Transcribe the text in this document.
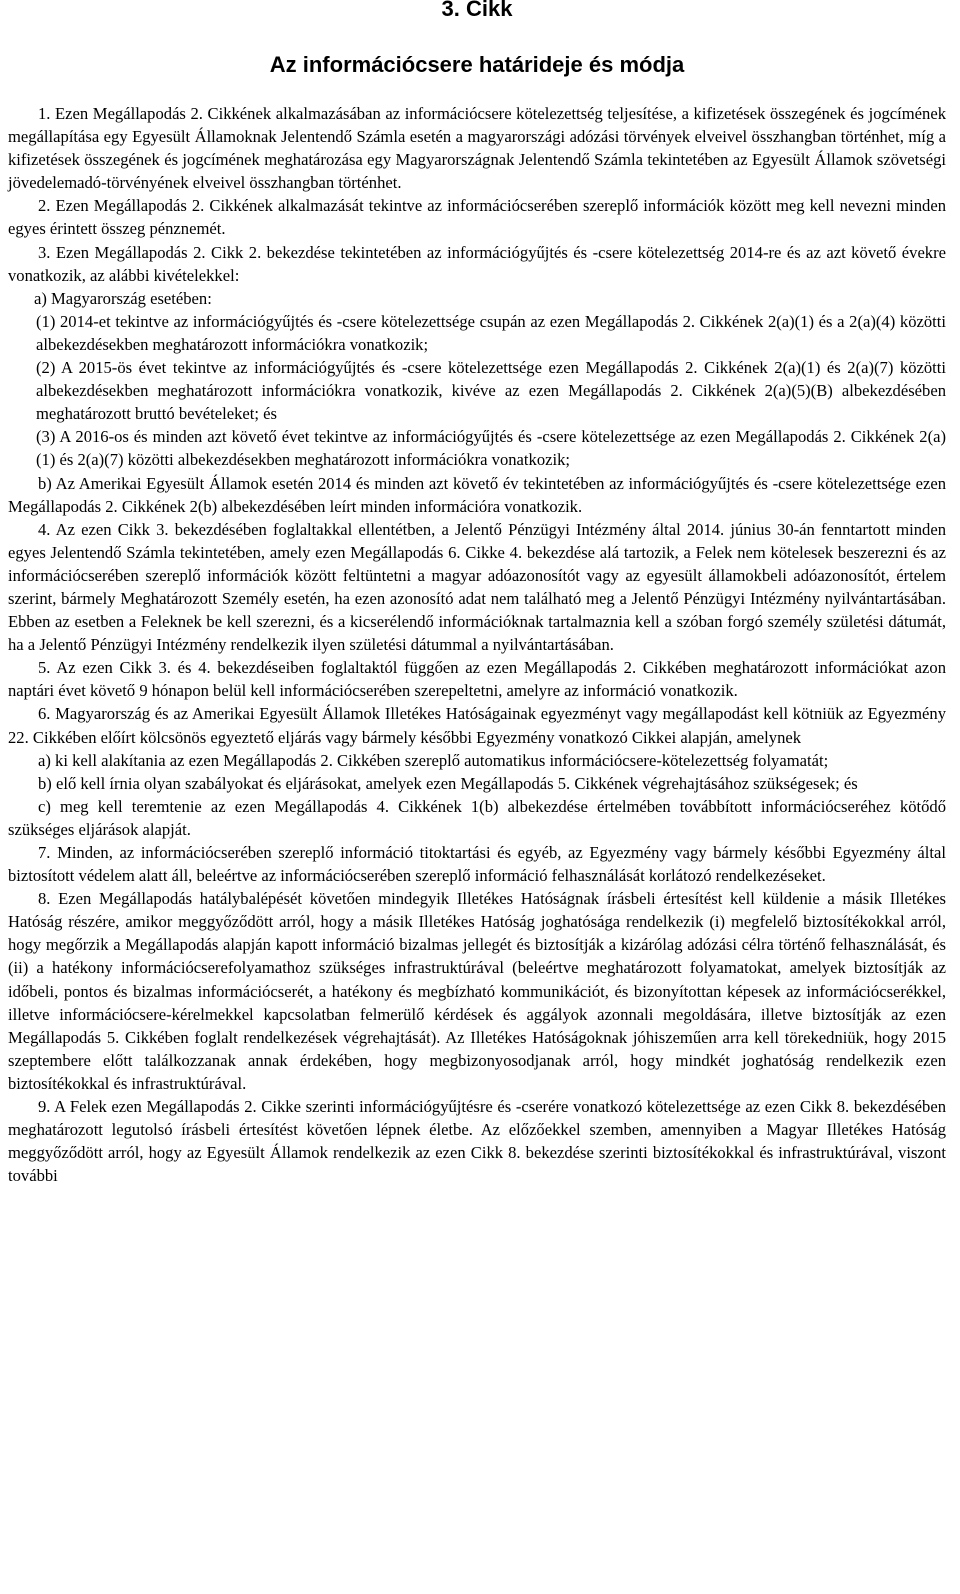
3. Cikk
Az információcsere határideje és módja

1. Ezen Megállapodás 2. Cikkének alkalmazásában az információcsere kötelezettség teljesítése, a kifizetések összegének és jogcímének megállapítása egy Egyesült Államoknak Jelentendő Számla esetén a magyarországi adózási törvények elveivel összhangban történhet, míg a kifizetések összegének és jogcímének meghatározása egy Magyarországnak Jelentendő Számla tekintetében az Egyesült Államok szövetségi jövedelemadó-törvényének elveivel összhangban történhet.

2. Ezen Megállapodás 2. Cikkének alkalmazását tekintve az információcserében szereplő információk között meg kell nevezni minden egyes érintett összeg pénznemét.

3. Ezen Megállapodás 2. Cikk 2. bekezdése tekintetében az információgyűjtés és -csere kötelezettség 2014-re és az azt követő évekre vonatkozik, az alábbi kivételekkel:

a) Magyarország esetében:

(1) 2014-et tekintve az információgyűjtés és -csere kötelezettsége csupán az ezen Megállapodás 2. Cikkének 2(a)(1) és a 2(a)(4) közötti albekezdésekben meghatározott információkra vonatkozik;

(2) A 2015-ös évet tekintve az információgyűjtés és -csere kötelezettsége ezen Megállapodás 2. Cikkének 2(a)(1) és 2(a)(7) közötti albekezdésekben meghatározott információkra vonatkozik, kivéve az ezen Megállapodás 2. Cikkének 2(a)(5)(B) albekezdésében meghatározott bruttó bevételeket; és

(3) A 2016-os és minden azt követő évet tekintve az információgyűjtés és -csere kötelezettsége az ezen Megállapodás 2. Cikkének 2(a)(1) és 2(a)(7) közötti albekezdésekben meghatározott információkra vonatkozik;

b) Az Amerikai Egyesült Államok esetén 2014 és minden azt követő év tekintetében az információgyűjtés és -csere kötelezettsége ezen Megállapodás 2. Cikkének 2(b) albekezdésében leírt minden információra vonatkozik.

4. Az ezen Cikk 3. bekezdésében foglaltakkal ellentétben, a Jelentő Pénzügyi Intézmény által 2014. június 30-án fenntartott minden egyes Jelentendő Számla tekintetében, amely ezen Megállapodás 6. Cikke 4. bekezdése alá tartozik, a Felek nem kötelesek beszerezni és az információcserében szereplő információk között feltüntetni a magyar adóazonosítót vagy az egyesült államokbeli adóazonosítót, értelem szerint, bármely Meghatározott Személy esetén, ha ezen azonosító adat nem található meg a Jelentő Pénzügyi Intézmény nyilvántartásában. Ebben az esetben a Feleknek be kell szerezni, és a kicserélendő információknak tartalmaznia kell a szóban forgó személy születési dátumát, ha a Jelentő Pénzügyi Intézmény rendelkezik ilyen születési dátummal a nyilvántartásában.

5. Az ezen Cikk 3. és 4. bekezdéseiben foglaltaktól függően az ezen Megállapodás 2. Cikkében meghatározott információkat azon naptári évet követő 9 hónapon belül kell információcserében szerepeltetni, amelyre az információ vonatkozik.

6. Magyarország és az Amerikai Egyesült Államok Illetékes Hatóságainak egyezményt vagy megállapodást kell kötniük az Egyezmény 22. Cikkében előírt kölcsönös egyeztető eljárás vagy bármely későbbi Egyezmény vonatkozó Cikkei alapján, amelynek

a) ki kell alakítania az ezen Megállapodás 2. Cikkében szereplő automatikus információcsere-kötelezettség folyamatát;

b) elő kell írnia olyan szabályokat és eljárásokat, amelyek ezen Megállapodás 5. Cikkének végrehajtásához szükségesek; és

c) meg kell teremtenie az ezen Megállapodás 4. Cikkének 1(b) albekezdése értelmében továbbított információcseréhez kötődő szükséges eljárások alapját.

7. Minden, az információcserében szereplő információ titoktartási és egyéb, az Egyezmény vagy bármely későbbi Egyezmény által biztosított védelem alatt áll, beleértve az információcserében szereplő információ felhasználását korlátozó rendelkezéseket.

8. Ezen Megállapodás hatálybalépését követően mindegyik Illetékes Hatóságnak írásbeli értesítést kell küldenie a másik Illetékes Hatóság részére, amikor meggyőződött arról, hogy a másik Illetékes Hatóság joghatósága rendelkezik (i) megfelelő biztosítékokkal arról, hogy megőrzik a Megállapodás alapján kapott információ bizalmas jellegét és biztosítják a kizárólag adózási célra történő felhasználását, és (ii) a hatékony információcserefolyamathoz szükséges infrastruktúrával (beleértve meghatározott folyamatokat, amelyek biztosítják az időbeli, pontos és bizalmas információcserét, a hatékony és megbízható kommunikációt, és bizonyítottan képesek az információcserékkel, illetve információcsere-kérelmekkel kapcsolatban felmerülő kérdések és aggályok azonnali megoldására, illetve biztosítják az ezen Megállapodás 5. Cikkében foglalt rendelkezések végrehajtását). Az Illetékes Hatóságoknak jóhiszeműen arra kell törekedniük, hogy 2015 szeptembere előtt találkozzanak annak érdekében, hogy megbizonyosodjanak arról, hogy mindkét joghatóság rendelkezik ezen biztosítékokkal és infrastruktúrával.

9. A Felek ezen Megállapodás 2. Cikke szerinti információgyűjtésre és -cserére vonatkozó kötelezettsége az ezen Cikk 8. bekezdésében meghatározott legutolsó írásbeli értesítést követően lépnek életbe. Az előzőekkel szemben, amennyiben a Magyar Illetékes Hatóság meggyőződött arról, hogy az Egyesült Államok rendelkezik az ezen Cikk 8. bekezdése szerinti biztosítékokkal és infrastruktúrával, viszont további
